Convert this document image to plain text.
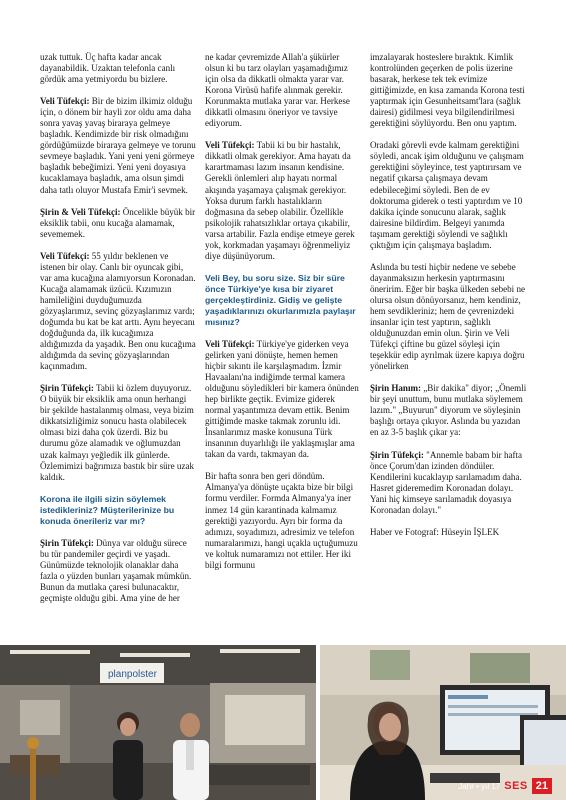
uzak tuttuk. Üç hafta kadar ancak dayanabildik. Uzaktan telefonla canlı gördük ama yetmiyordu bu bizlere.

Veli Tüfekçi: Bir de bizim ilkimiz olduğu için, o dönem bir hayli zor oldu ama daha sonra yavaş yavaş biraraya gelmeye başladık. Kendimizde bir risk olmadığını gördüğümüzde biraraya gelmeye ve torunu sevmeye başladık. Yani yeni yeni görmeye başladık bebeğimizi. Yeni yeni doyasıya kucaklamaya başladık, ama olsun şimdi daha tatlı oluyor Mustafa Emir'i sevmek.

Şirin & Veli Tüfekçi: Öncelikle büyük bir eksiklik tabii, onu kucağa alamamak, sevememek.

Veli Tüfekçi: 55 yıldır beklenen ve istenen bir olay. Canlı bir oyuncak gibi, var ama kucağına alamıyorsun Koronadan. Kucağa alamamak üzücü. Kızımızın hamileliğini duyduğumuzda gözyaşlarımız, sevinç gözyaşlarımız vardı; doğumda bu kat be kat arttı. Aynı heyecanı doğduğunda da, ilk kucağımıza aldığımızda da yaşadık. Ben onu kucağıma aldığımda da sevinç gözyaşlarından kaçınmadım.

Şirin Tüfekçi: Tabii ki özlem duyuyoruz. O büyük bir eksiklik ama onun herhangi bir şekilde hastalanmış olması, veya bizim dikkatsizliğimiz sonucu hasta olabilecek olması bizi daha çok üzerdi. Biz bu durumu göze alamadık ve oğlumuzdan uzak kalmayı yeğledik ilk günlerde. Özlemimizi bağrımıza bastık bir süre uzak kaldık.

Korona ile ilgili sizin söylemek istedikleriniz? Müşterilerinize bu konuda önerileriz var mı?

Şirin Tüfekçi: Dünya var olduğu sürece bu tür pandemiler geçirdi ve yaşadı. Günümüzde teknolojik olanaklar daha fazla o yüzden bunları yaşamak mümkün. Bunun da mutlaka çaresi bulunacaktır, geçmişte olduğu gibi. Ama yine de her

ne kadar çevremizde Allah'a şükürler olsun ki bu tarz olayları yaşamadığımız için olsa da dikkatli olmakta yarar var. Korona Virüsü hafife alınmak gerekir. Korunmakta mutlaka yarar var. Herkese dikkatli olmasını öneriyor ve tavsiye ediyorum.

Veli Tüfekçi: Tabii ki bu bir hastalık, dikkatli olmak gerekiyor. Ama hayatı da karartmaması lazım insanın kendisine. Gerekli önlemleri alıp hayatı normal akışında yaşamaya çalışmak gerekiyor. Yoksa durum farklı hastalıkların doğmasına da sebep olabilir. Özellikle psikolojik rahatsızlıklar ortaya çıkabilir, varsa artabilir. Fazla endişe etmeye gerek yok, korkmadan yaşamayı öğrenmeliyiz diye düşünüyorum.

Veli Bey, bu soru size. Siz bir süre önce Türkiye'ye kısa bir ziyaret gerçekleştirdiniz. Gidiş ve gelişte yaşadıklarınızı okurlarımızla paylaşır mısınız?

Veli Tüfekçi: Türkiye'ye giderken veya gelirken yani dönüşte, hemen hemen hiçbir sıkıntı ile karşılaşmadım. İzmir Havaalanı'na indiğimde termal kamera olduğunu söyledikleri bir kamera önünden hep birlikte geçtik. Evimize giderek normal yaşantımıza devam ettik. Benim gittiğimde maske takmak zorunlu idi. İnsanlarımız maske konusuna Türk insanının duyarlılığı ile yaklaşmışlar ama takan da vardı, takmayan da.

Bir hafta sonra ben geri döndüm. Almanya'ya dönüşte uçakta bize bir bilgi formu verdiler. Formda Almanya'ya iner inmez 14 gün karantinada kalmamız gerektiği yazıyordu. Ayrı bir forma da adımızı, soyadımızı, adresimiz ve telefon numaralarımızı, hangi uçakla uçtuğumuzu ve koltuk numaramızı not ettiler. Her iki bilgi formunu

imzalayarak hostеslere bıraktık. Kimlik kontrolünden geçerken de polis üzerine basarak, herkese tek tek evimize gittiğimizde, en kısa zamanda Korona testi yaptırmak için Gesunheitsamt'lara (sağlık dairesi) gidilmesi veya bilgilendirilmesi gerektiğini söylüyordu. Ben onu yaptım.

Oradaki görevli evde kalmam gerektiğini söyledi, ancak işim olduğunu ve çalışmam gerektiğini söyleyince, test yaptırırsam ve negatif çıkarsa çalışmaya devam edebileceğimi söyledi. Ben de ev doktoruma giderek o testi yaptırdım ve 10 dakika içinde sonucunu alarak, sağlık dairesine bildirdim. Belgeyi yanımda taşımam gerektiği söylendi ve sağlıklı çıktığım için çalışmaya başladım.

Aslında bu testi hiçbir nedene ve sebebe dayanmaksızın herkesin yaptırmasını öneririm. Eğer bir başka ülkeden sebebi ne olursa olsun dönüyorsanız, hem kendiniz, hem sevdikleriniz; hem de çevrenizdeki insanlar için test yaptırın, sağlıklı olduğunuzdan emin olun. Şirin ve Veli Tüfekçi çiftine bu güzel söyleşi için teşekkür edip ayrılmak üzere kapıya doğru yönelirken

Şirin Hanım: „Bir dakika" diyor; „Önemli bir şeyi unuttum, bunu mutlaka söylemem lazım." „Buyurun" diyorum ve söyleşinin başlığı ortaya çıkıyor. Aslında bu yazıdan en az 3-5 başlık çıkar ya:

Şirin Tüfekçi: "Annemle babam bir hafta önce Çorum'dan izinden döndüler. Kendilerini kucaklayıp sarılamadım daha. Hasret gideremedim Koronadan dolayı. Yani hiç kimseye sarılamadık doyasıya Koronadan dolayı."

Haber ve Fotograf: Hüseyin İŞLEK

planpolster
Jahr • yıl 17 SES 21
